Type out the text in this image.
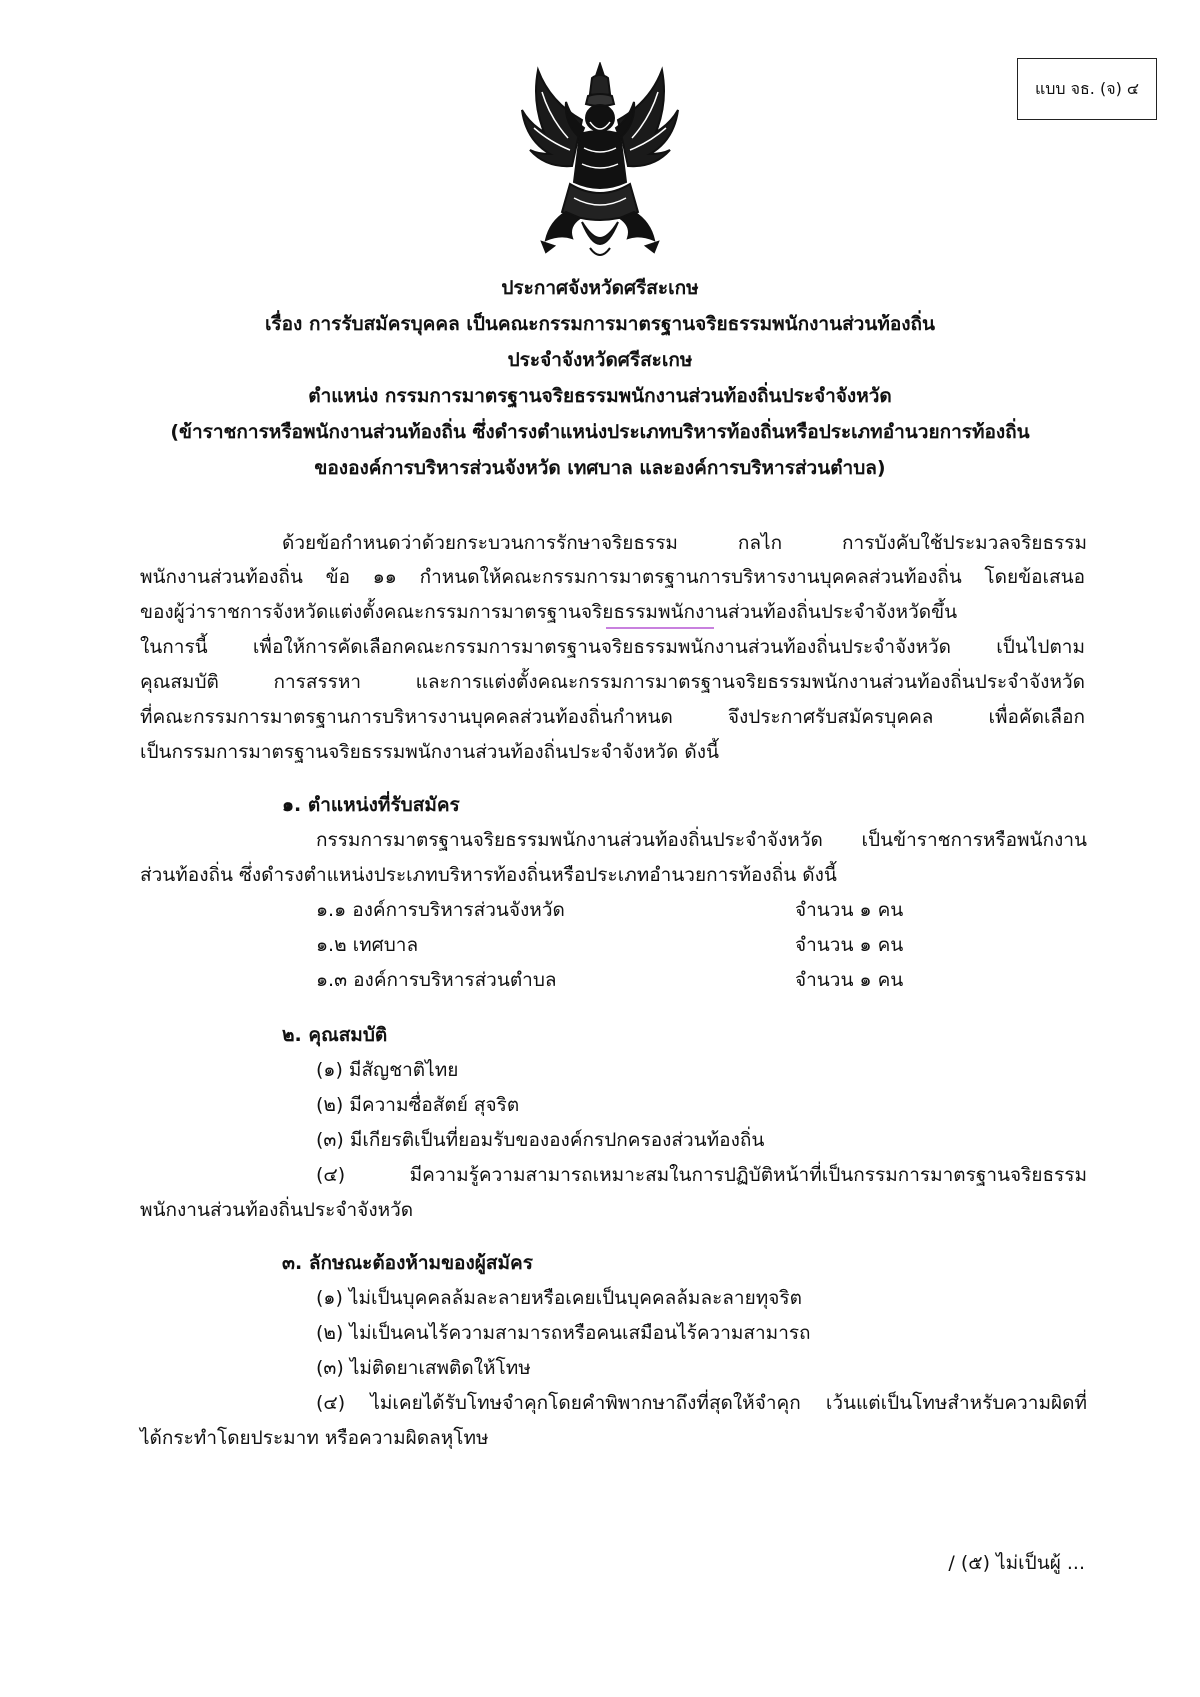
แบบ จธ. (จ) ๔
ประกาศจังหวัดศรีสะเกษ
เรื่อง การรับสมัครบุคคล เป็นคณะกรรมการมาตรฐานจริยธรรมพนักงานส่วนท้องถิ่น
ประจำจังหวัดศรีสะเกษ
ตำแหน่ง กรรมการมาตรฐานจริยธรรมพนักงานส่วนท้องถิ่นประจำจังหวัด
(ข้าราชการหรือพนักงานส่วนท้องถิ่น ซึ่งดำรงตำแหน่งประเภทบริหารท้องถิ่นหรือประเภทอำนวยการท้องถิ่น
ขององค์การบริหารส่วนจังหวัด เทศบาล และองค์การบริหารส่วนตำบล)
ด้วยข้อกำหนดว่าด้วยกระบวนการรักษาจริยธรรม กลไก การบังคับใช้ประมวลจริยธรรม
พนักงานส่วนท้องถิ่น ข้อ ๑๑ กำหนดให้คณะกรรมการมาตรฐานการบริหารงานบุคคลส่วนท้องถิ่น โดยข้อเสนอ
ของผู้ว่าราชการจังหวัดแต่งตั้งคณะกรรมการมาตรฐานจริยธรรมพนักงานส่วนท้องถิ่นประจำจังหวัดขึ้น
ในการนี้ เพื่อให้การคัดเลือกคณะกรรมการมาตรฐานจริยธรรมพนักงานส่วนท้องถิ่นประจำจังหวัด เป็นไปตาม
คุณสมบัติ การสรรหา และการแต่งตั้งคณะกรรมการมาตรฐานจริยธรรมพนักงานส่วนท้องถิ่นประจำจังหวัด
ที่คณะกรรมการมาตรฐานการบริหารงานบุคคลส่วนท้องถิ่นกำหนด จึงประกาศรับสมัครบุคคล เพื่อคัดเลือก
เป็นกรรมการมาตรฐานจริยธรรมพนักงานส่วนท้องถิ่นประจำจังหวัด ดังนี้
๑. ตำแหน่งที่รับสมัคร
กรรมการมาตรฐานจริยธรรมพนักงานส่วนท้องถิ่นประจำจังหวัด เป็นข้าราชการหรือพนักงาน
ส่วนท้องถิ่น ซึ่งดำรงตำแหน่งประเภทบริหารท้องถิ่นหรือประเภทอำนวยการท้องถิ่น ดังนี้
๑.๑ องค์การบริหารส่วนจังหวัด	จำนวน ๑ คน
๑.๒ เทศบาล	จำนวน ๑ คน
๑.๓ องค์การบริหารส่วนตำบล	จำนวน ๑ คน
๒. คุณสมบัติ
(๑) มีสัญชาติไทย
(๒) มีความซื่อสัตย์ สุจริต
(๓) มีเกียรติเป็นที่ยอมรับขององค์กรปกครองส่วนท้องถิ่น
(๔) มีความรู้ความสามารถเหมาะสมในการปฏิบัติหน้าที่เป็นกรรมการมาตรฐานจริยธรรม
พนักงานส่วนท้องถิ่นประจำจังหวัด
๓. ลักษณะต้องห้ามของผู้สมัคร
(๑) ไม่เป็นบุคคลล้มละลายหรือเคยเป็นบุคคลล้มละลายทุจริต
(๒) ไม่เป็นคนไร้ความสามารถหรือคนเสมือนไร้ความสามารถ
(๓) ไม่ติดยาเสพติดให้โทษ
(๔) ไม่เคยได้รับโทษจำคุกโดยคำพิพากษาถึงที่สุดให้จำคุก เว้นแต่เป็นโทษสำหรับความผิดที่
ได้กระทำโดยประมาท หรือความผิดลหุโทษ
/ (๕) ไม่เป็นผู้ ...
